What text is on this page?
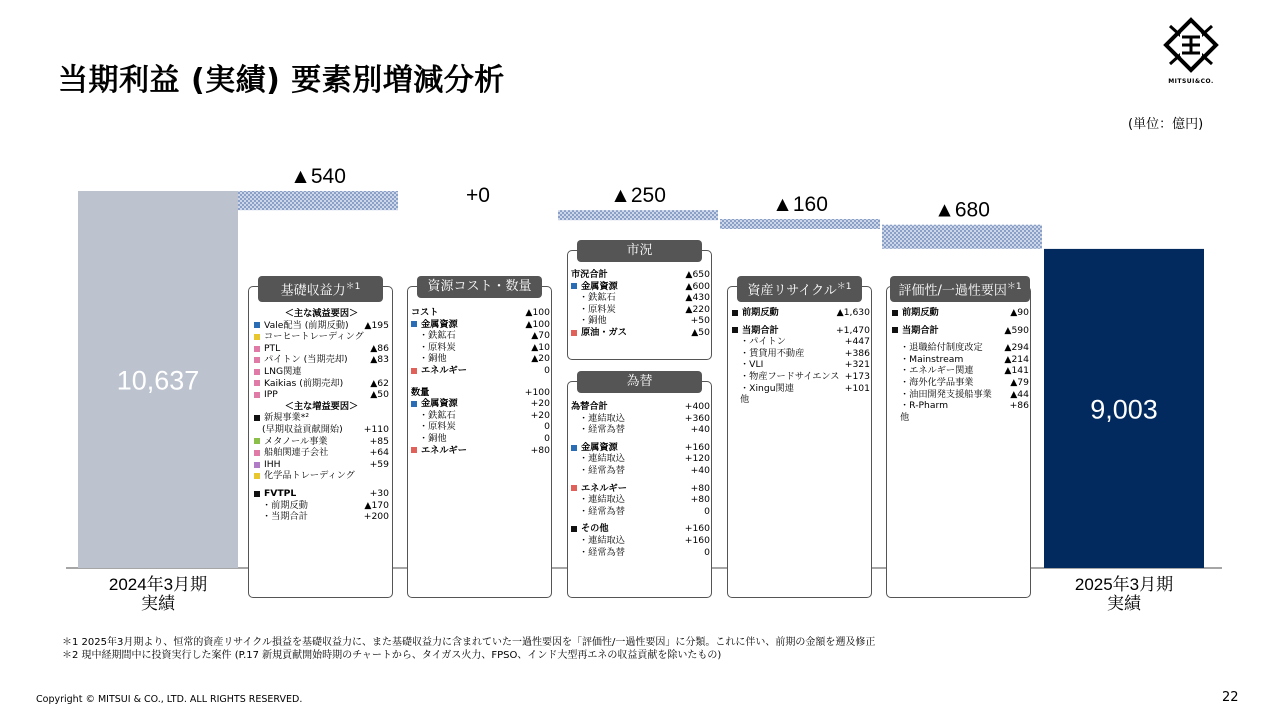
当期利益 (実績) 要素別増減分析	MITSUI&CO.
(単位：億円)
10,637
▲540
+0	▲250	▲160	▲680
9,003
2024年3月期
実績
2025年3月期
実績
＜主な減益要因＞
Vale配当 (前期反動) ▲195
コーヒートレーディング
PTL	▲86
パイトン (当期売却) ▲83
LNG関連
Kaikias (前期売却)	▲62
IPP	▲50
＜主な増益要因＞
新規事業*²
(早期収益貢献開始) +110
メタノール事業	+85
船舶関連子会社	+64
IHH	+59
化学品トレーディング
FVTPL	+30
・前期反動	▲170
・当期合計	+200
基礎収益力$^{*1}$
コスト	▲100
金属資源	▲100
・鉄鉱石	▲70
・原料炭	▲10
・銅他	▲20
エネルギー	0
数量	+100
金属資源	+20
・鉄鉱石	+20
・原料炭	0
・銅他	0
エネルギー	+80
資源コスト・数量
市況合計	▲650
金属資源	▲600
・鉄鉱石	▲430
・原料炭	▲220
・銅他	+50
原油・ガス	▲50
市況
為替合計	+400
・連結取込	+360
・経常為替	+40
金属資源	+160
・連結取込	+120
・経常為替	+40
エネルギー	+80
・連結取込	+80
・経常為替	0
その他	+160
・連結取込	+160
・経常為替	0
為替
前期反動	▲1,630
当期合計	+1,470
・パイトン	+447
・賃貸用不動産	+386
・VLI	+321
・物産フードサイエンス +173
・Xingu関連	+101
他
資産リサイクル$^{*1}$
前期反動	▲90
当期合計	▲590
・退職給付制度改定 ▲294
・Mainstream	▲214
・エネルギー関連	▲141
・海外化学品事業	▲79
・油田開発支援船事業 ▲44
・R-Pharm	+86
他
評価性/一過性要因$^{*1}$
＊1 2025年3月期より、恒常的資産リサイクル損益を基礎収益力に、また基礎収益力に含まれていた一過性要因を「評価性/一過性要因」に分類。これに伴い、前期の金額を遡及修正
＊2 現中経期間中に投資実行した案件 (P.17 新規貢献開始時期のチャートから、タイガス火力、FPSO、インド大型再エネの収益貢献を除いたもの)
Copyright © MITSUI & CO., LTD. ALL RIGHTS RESERVED.	22
